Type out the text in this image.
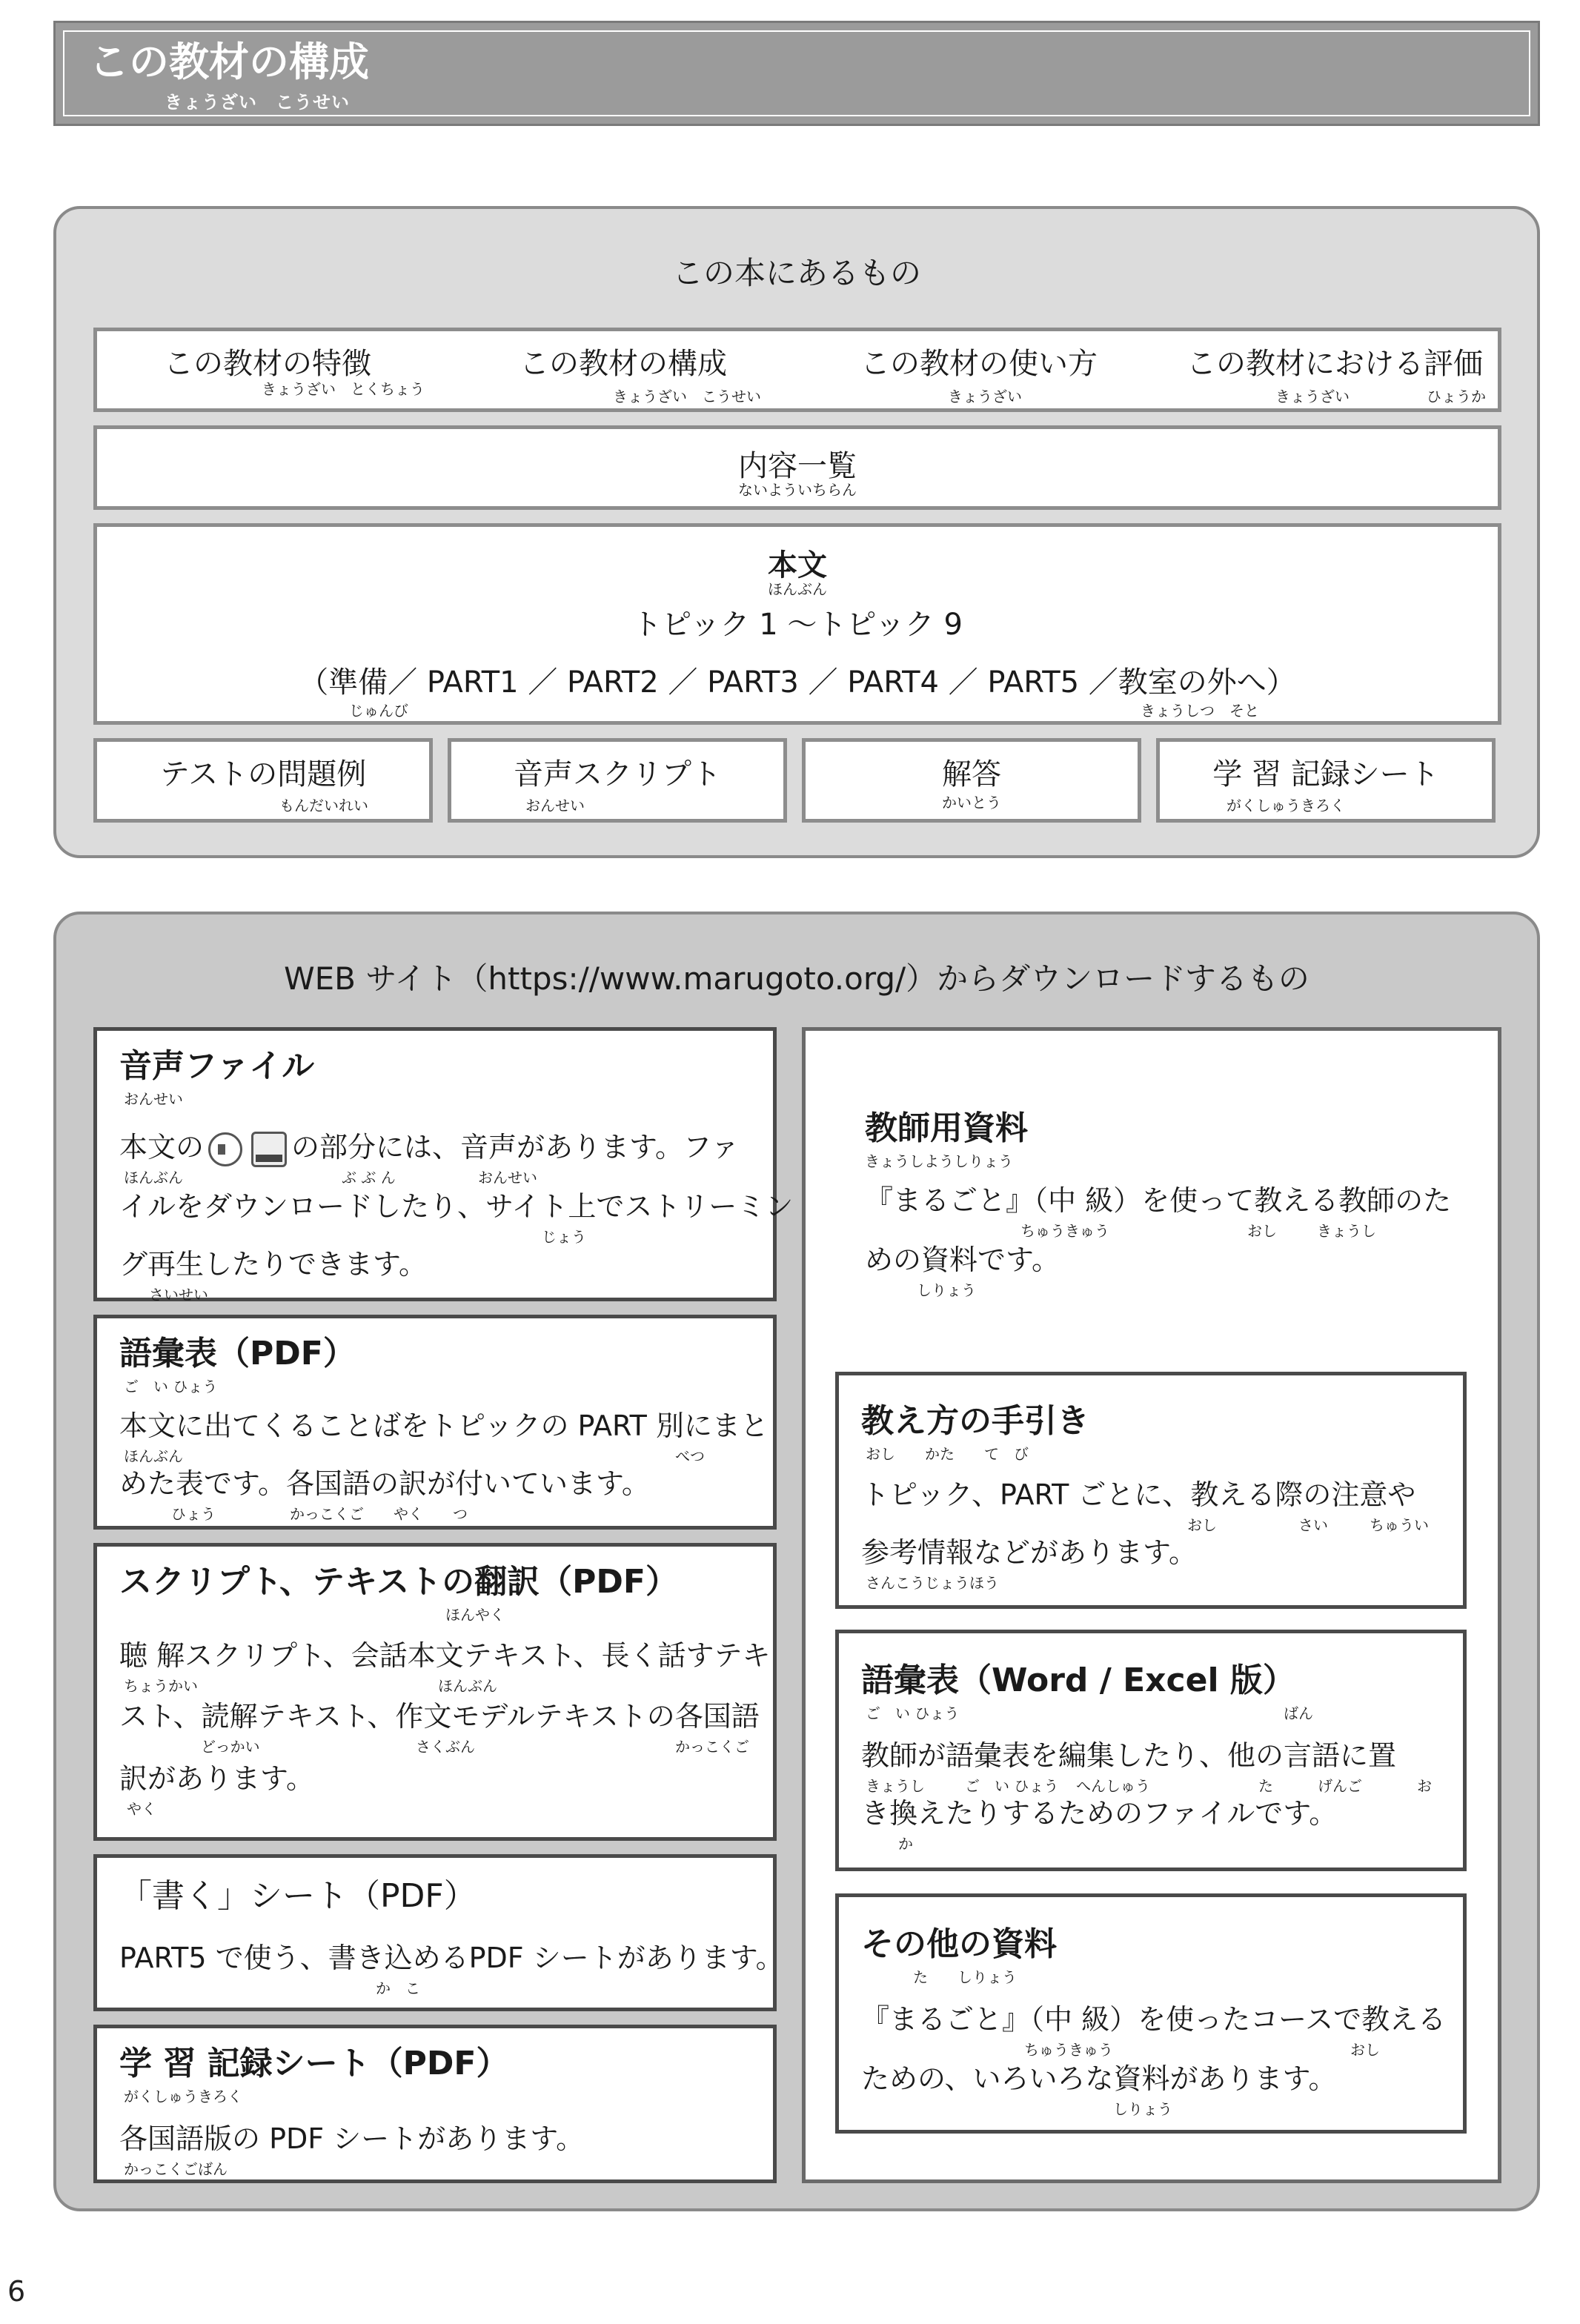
この教材の構成
きょうざい　こうせい
この本にあるもの
この教材の特徴
きょうざい　とくちょう
この教材の構成
きょうざい　こうせい
この教材の使い方
きょうざい
この教材における評価
きょうざい	ひょうか
内容一覧
ないよういちらん
本文
ほんぶん
トピック 1 ～トピック 9
（準備／ PART1 ／ PART2 ／ PART3 ／ PART4 ／ PART5 ／教室の外へ）
じゅんび	きょうしつ　そと
テストの問題例
もんだいれい
音声スクリプト
おんせい
解答
かいとう
学 習 記録シート
がくしゅうきろく
WEB サイト（https://www.marugoto.org/）からダウンロードするもの
音声ファイル
おんせい
本文の	の部分には、音声があります。ファ
ほんぶん	ぶ ぶ ん	おんせい
イルをダウンロードしたり、サイト上でストリーミン
じょう
グ再生したりできます。
さいせい
語彙表（PDF）
ご　い ひょう
本文に出てくることばをトピックの PART 別にまと
ほんぶん	べつ
めた表です。各国語の訳が付いています。
ひょう	かっこくご　　やく　　つ
スクリプト、テキストの翻訳（PDF）
ほんやく
聴 解スクリプト、会話本文テキスト、長く話すテキ
ちょうかい	ほんぶん
スト、読解テキスト、作文モデルテキストの各国語
どっかい	さくぶん	かっこくご
訳があります。
やく
「書く」シート（PDF）
PART5 で使う、書き込めるPDF シートがあります。
か　こ
学 習 記録シート（PDF）
がくしゅうきろく
各国語版の PDF シートがあります。
かっこくごばん
教師用資料
きょうしようしりょう
『まるごと』（中 級）を使って教える教師のた
ちゅうきゅう	おし	きょうし
めの資料です。
しりょう
教え方の手引き
おし　　かた　　て　び
トピック、PART ごとに、教える際の注意や
おし	さい	ちゅうい
参考情報などがあります。
さんこうじょうほう
語彙表（Word / Excel 版）
ご　い ひょう	ばん
教師が語彙表を編集したり、他の言語に置
きょうし	ご　い ひょう へんしゅう	た	げんご	お
き換えたりするためのファイルです。
か
その他の資料
た　　しりょう
『まるごと』（中 級）を使ったコースで教える
ちゅうきゅう	おし
ための、いろいろな資料があります。
しりょう
6
